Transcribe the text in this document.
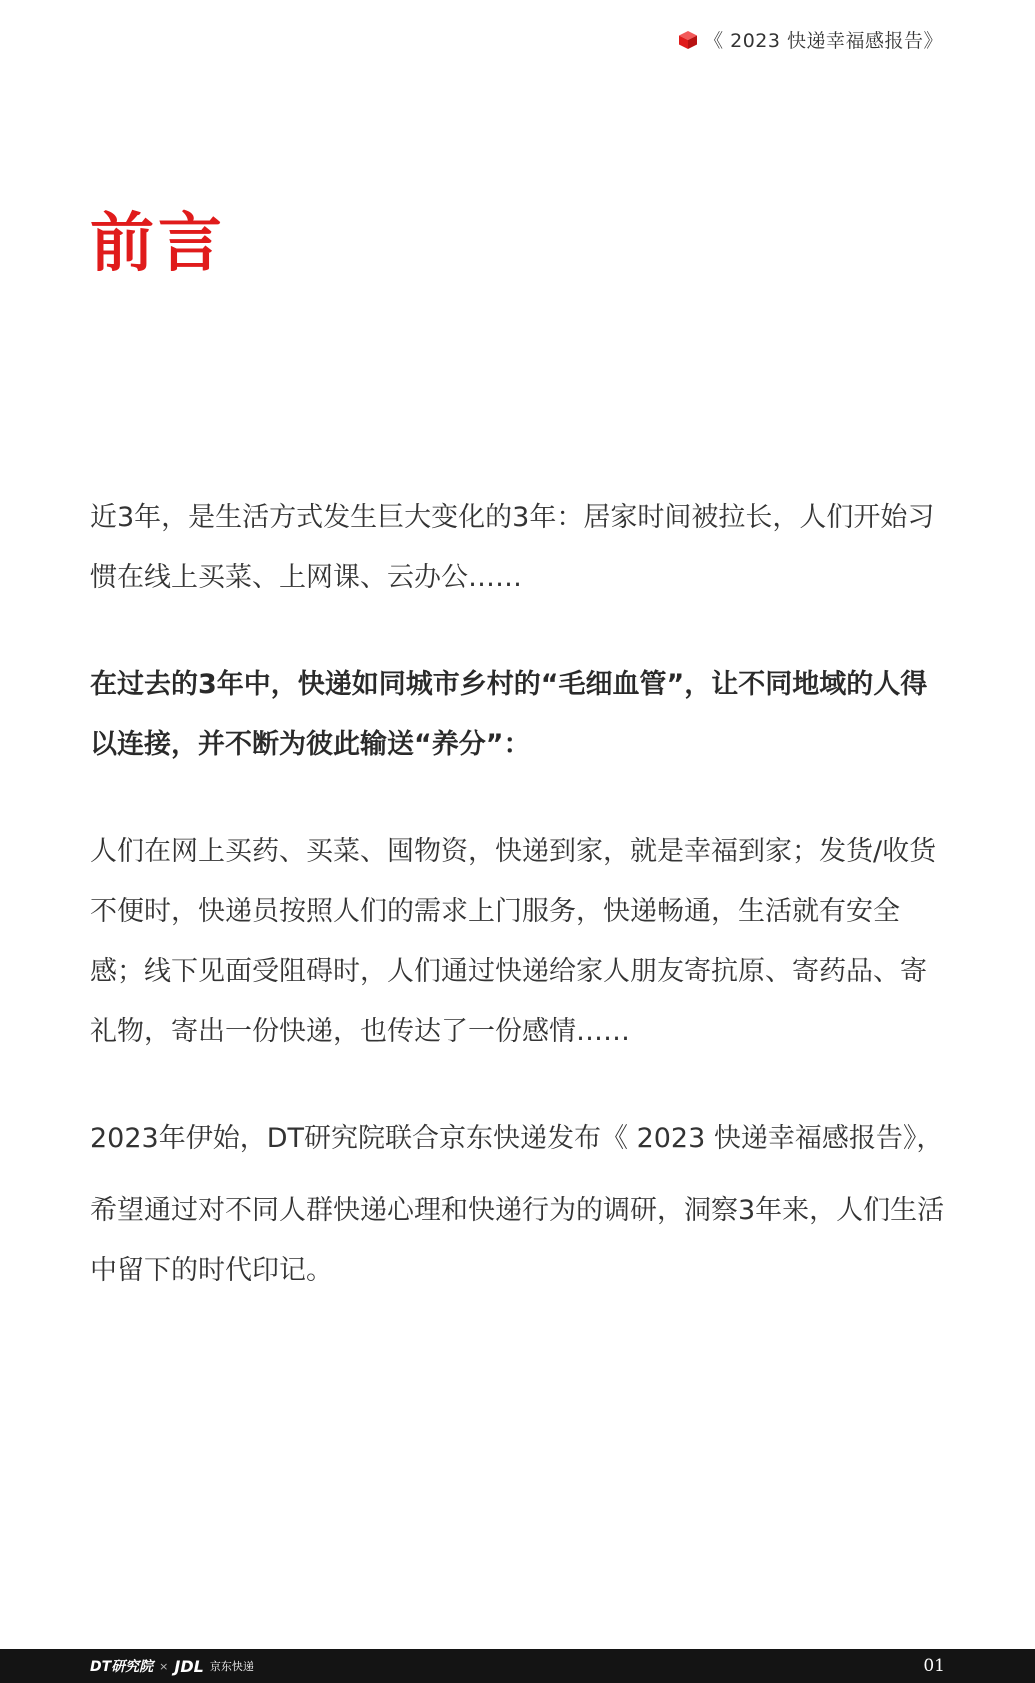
《 2023 快递幸福感报告》
前言

近3年，是生活方式发生巨大变化的3年：居家时间被拉长，人们开始习惯在线上买菜、上网课、云办公……

在过去的3年中，快递如同城市乡村的“毛细血管”，让不同地域的人得以连接，并不断为彼此输送“养分”：

人们在网上买药、买菜、囤物资，快递到家，就是幸福到家；发货/收货不便时，快递员按照人们的需求上门服务，快递畅通，生活就有安全感；线下见面受阻碍时，人们通过快递给家人朋友寄抗原、寄药品、寄礼物，寄出一份快递，也传达了一份感情……

2023年伊始，DT研究院联合京东快递发布《 2023 快递幸福感报告》，

希望通过对不同人群快递心理和快递行为的调研，洞察3年来，人们生活中留下的时代印记。

DT研究院 × JDL 京东快递	01
